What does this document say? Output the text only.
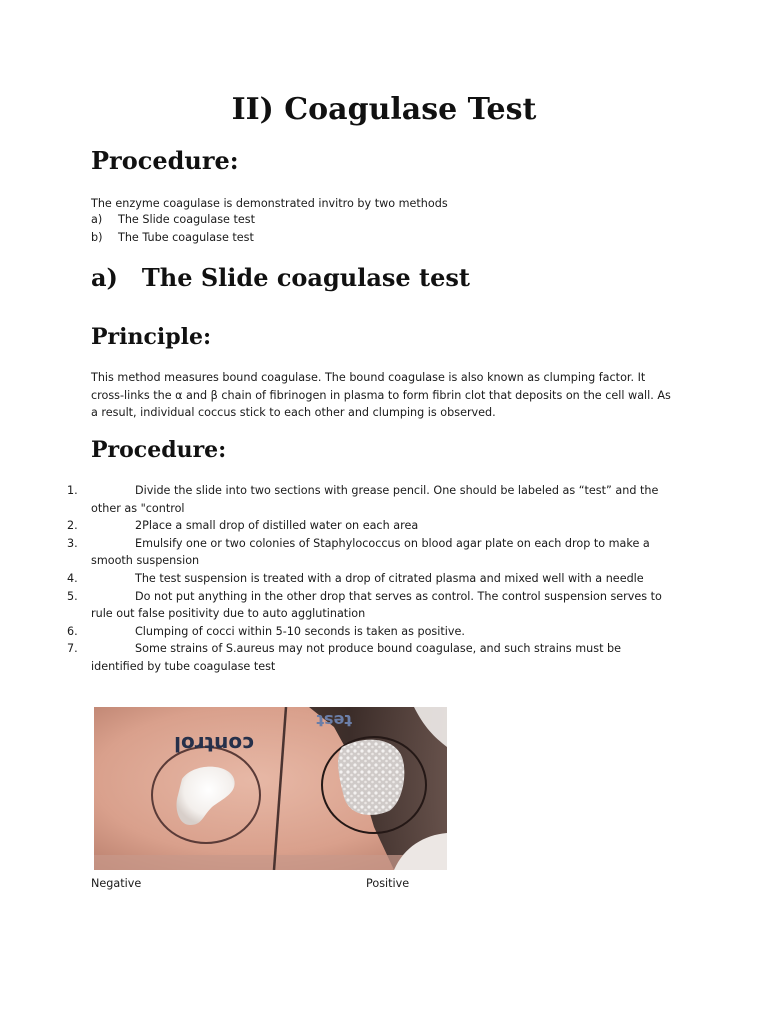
II) Coagulase Test
Procedure:
The enzyme coagulase is demonstrated invitro by two methods
a) The Slide coagulase test
b) The Tube coagulase test
a) The Slide coagulase test
Principle:
This method measures bound coagulase. The bound coagulase is also known as clumping factor. It cross-links the α and β chain of fibrinogen in plasma to form fibrin clot that deposits on the cell wall. As a result, individual coccus stick to each other and clumping is observed.
Procedure:
1.	Divide the slide into two sections with grease pencil. One should be labeled as “test” and the other as "control
2.	2Place a small drop of distilled water on each area
3.	Emulsify one or two colonies of Staphylococcus on blood agar plate on each drop to make a smooth suspension
4.	The test suspension is treated with a drop of citrated plasma and mixed well with a needle
5.	Do not put anything in the other drop that serves as control. The control suspension serves to rule out false positivity due to auto agglutination
6.	Clumping of cocci within 5-10 seconds is taken as positive.
7.	Some strains of S.aureus may not produce bound coagulase, and such strains must be identified by tube coagulase test
control
test
Negative	Positive
